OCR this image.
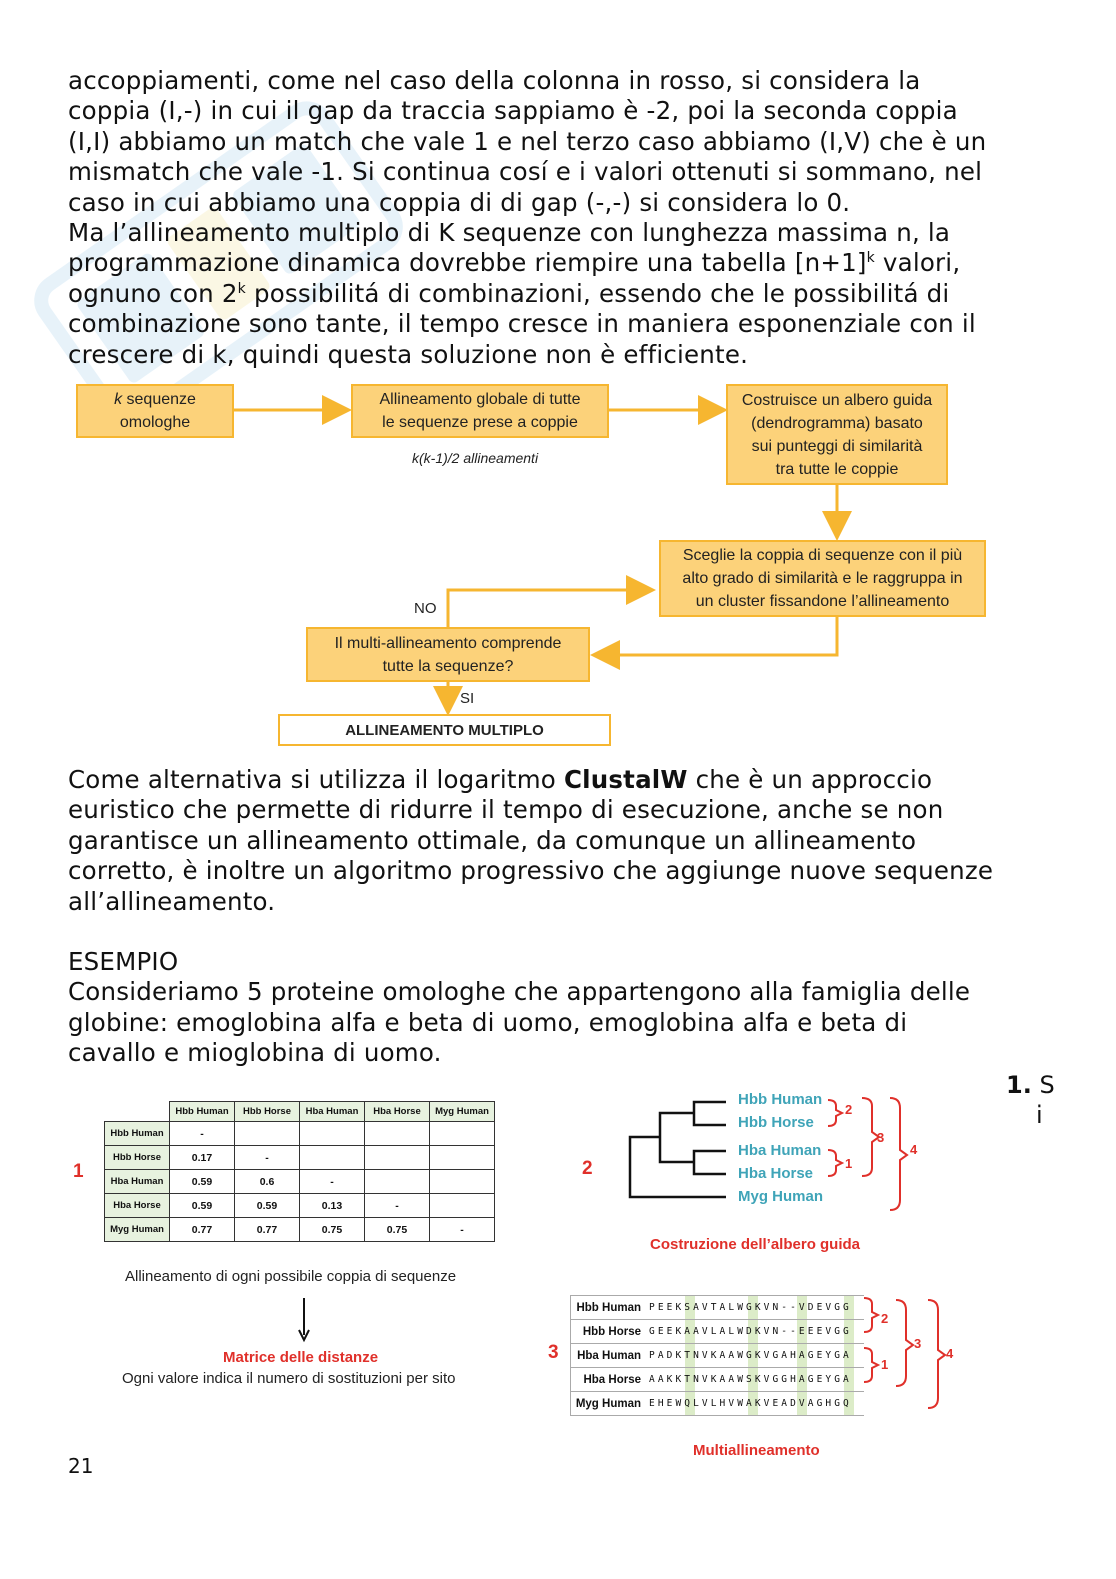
accoppiamenti, come nel caso della colonna in rosso, si considera la
coppia (I,-) in cui il gap da traccia sappiamo è -2, poi la seconda coppia
(I,I) abbiamo un match che vale 1 e nel terzo caso abbiamo (I,V) che è un
mismatch che vale -1. Si continua cosí e i valori ottenuti si sommano, nel
caso in cui abbiamo una coppia di di gap (-,-) si considera lo 0.
Ma l’allineamento multiplo di K sequenze con lunghezza massima n, la
programmazione dinamica dovrebbe riempire una tabella $[n+1]^k$ valori,
ognuno con 2$^k$ possibilitá di combinazioni, essendo che le possibilitá di
combinazione sono tante, il tempo cresce in maniera esponenziale con il
crescere di k, quindi questa soluzione non è efficiente.
k sequenze
omologhe
Allineamento globale di tutte
le sequenze prese a coppie
k(k-1)/2 allineamenti
Costruisce un albero guida
(dendrogramma) basato
sui punteggi di similarità
tra tutte le coppie
Sceglie la coppia di sequenze con il più
alto grado di similarità e le raggruppa in
un cluster fissandone l’allineamento
NO
Il multi-allineamento comprende
tutte la sequenze?
SI
ALLINEAMENTO MULTIPLO
Come alternativa si utilizza il logaritmo ClustalW che è un approccio
euristico che permette di ridurre il tempo di esecuzione, anche se non
garantisce un allineamento ottimale, da comunque un allineamento
corretto, è inoltre un algoritmo progressivo che aggiunge nuove sequenze
all’allineamento.
ESEMPIO
Consideriamo 5 proteine omologhe che appartengono alla famiglia delle
globine: emoglobina alfa e beta di uomo, emoglobina alfa e beta di
cavallo e mioglobina di uomo.
1. S
i
1
	Hbb Human	Hbb Horse	Hba Human	Hba Horse	Myg Human
Hbb Human	-				
Hbb Horse	0.17	-			
Hba Human	0.59	0.6	-		
Hba Horse	0.59	0.59	0.13	-	
Myg Human	0.77	0.77	0.75	0.75	-
Allineamento di ogni possibile coppia di sequenze
Matrice delle distanze
Ogni valore indica il numero di sostituzioni per sito
2
Hbb Human
Hbb Horse
Hba Human
Hba Horse
Myg Human
2
1
3
4
Costruzione dell’albero guida
3
Hbb Human	PEEKSAVTALWGKVN--VDEVGG
Hbb Horse	GEEKAAVLALWDKVN--EEEVGG
Hba Human	PADKTNVKAAWGKVGAHAGEYGA
Hba Horse	AAKKTNVKAAWSKVGGHAGEYGA
Myg Human	EHEWQLVLHVWAKVEADVAGHGQ
2
1
3
4
Multiallineamento
21
